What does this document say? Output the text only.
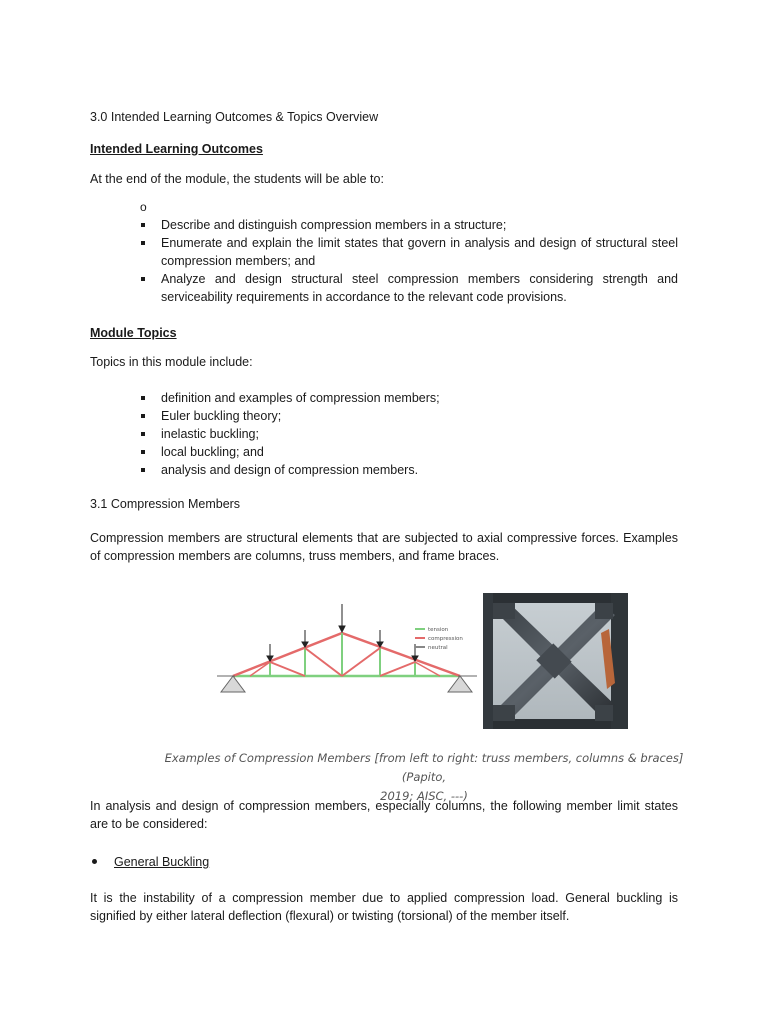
3.0 Intended Learning Outcomes & Topics Overview

Intended Learning Outcomes

At the end of the module, the students will be able to:

o
Describe and distinguish compression members in a structure;
Enumerate and explain the limit states that govern in analysis and design of structural steel compression members; and
Analyze and design structural steel compression members considering strength and serviceability requirements in accordance to the relevant code provisions.

Module Topics

Topics in this module include:

definition and examples of compression members;
Euler buckling theory;
inelastic buckling;
local buckling; and
analysis and design of compression members.

3.1 Compression Members

Compression members are structural elements that are subjected to axial compressive forces. Examples of compression members are columns, truss members, and frame braces.

tension
compression
neutral

Examples of Compression Members [from left to right: truss members, columns & braces] (Papito,
2019; AISC, ---)

In analysis and design of compression members, especially columns, the following member limit states are to be considered:

General Buckling

It is the instability of a compression member due to applied compression load. General buckling is signified by either lateral deflection (flexural) or twisting (torsional) of the member itself.
